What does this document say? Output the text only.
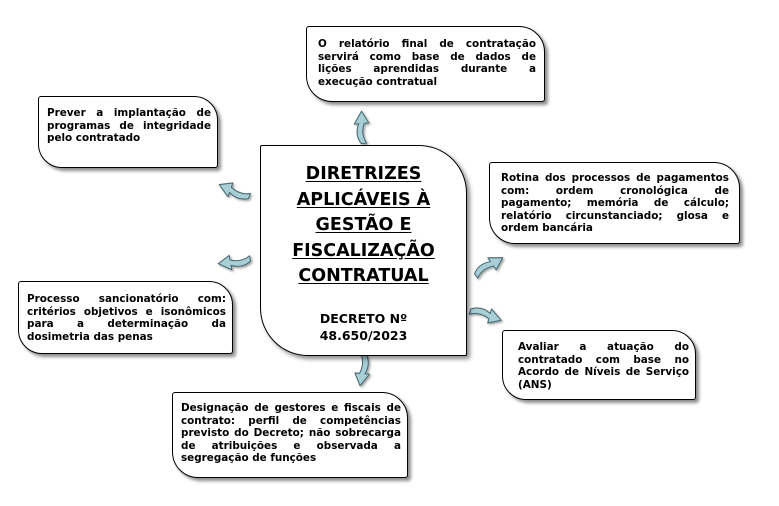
DIRETRIZES APLICÁVEIS À GESTÃO E FISCALIZAÇÃO CONTRATUAL
DECRETO Nº 48.650/2023
O relatório final de contratação servirá como base de dados de lições aprendidas durante a execução contratual
Prever a implantação de programas de integridade pelo contratado
Rotina dos processos de pagamentos com: ordem cronológica de pagamento; memória de cálculo; relatório circunstanciado; glosa e ordem bancária
Processo sancionatório com: critérios objetivos e isonômicos para a determinação da dosimetria das penas
Avaliar a atuação do contratado com base no Acordo de Níveis de Serviço (ANS)
Designação de gestores e fiscais de contrato: perfil de competências previsto do Decreto; não sobrecarga de atribuições e observada a segregação de funções
